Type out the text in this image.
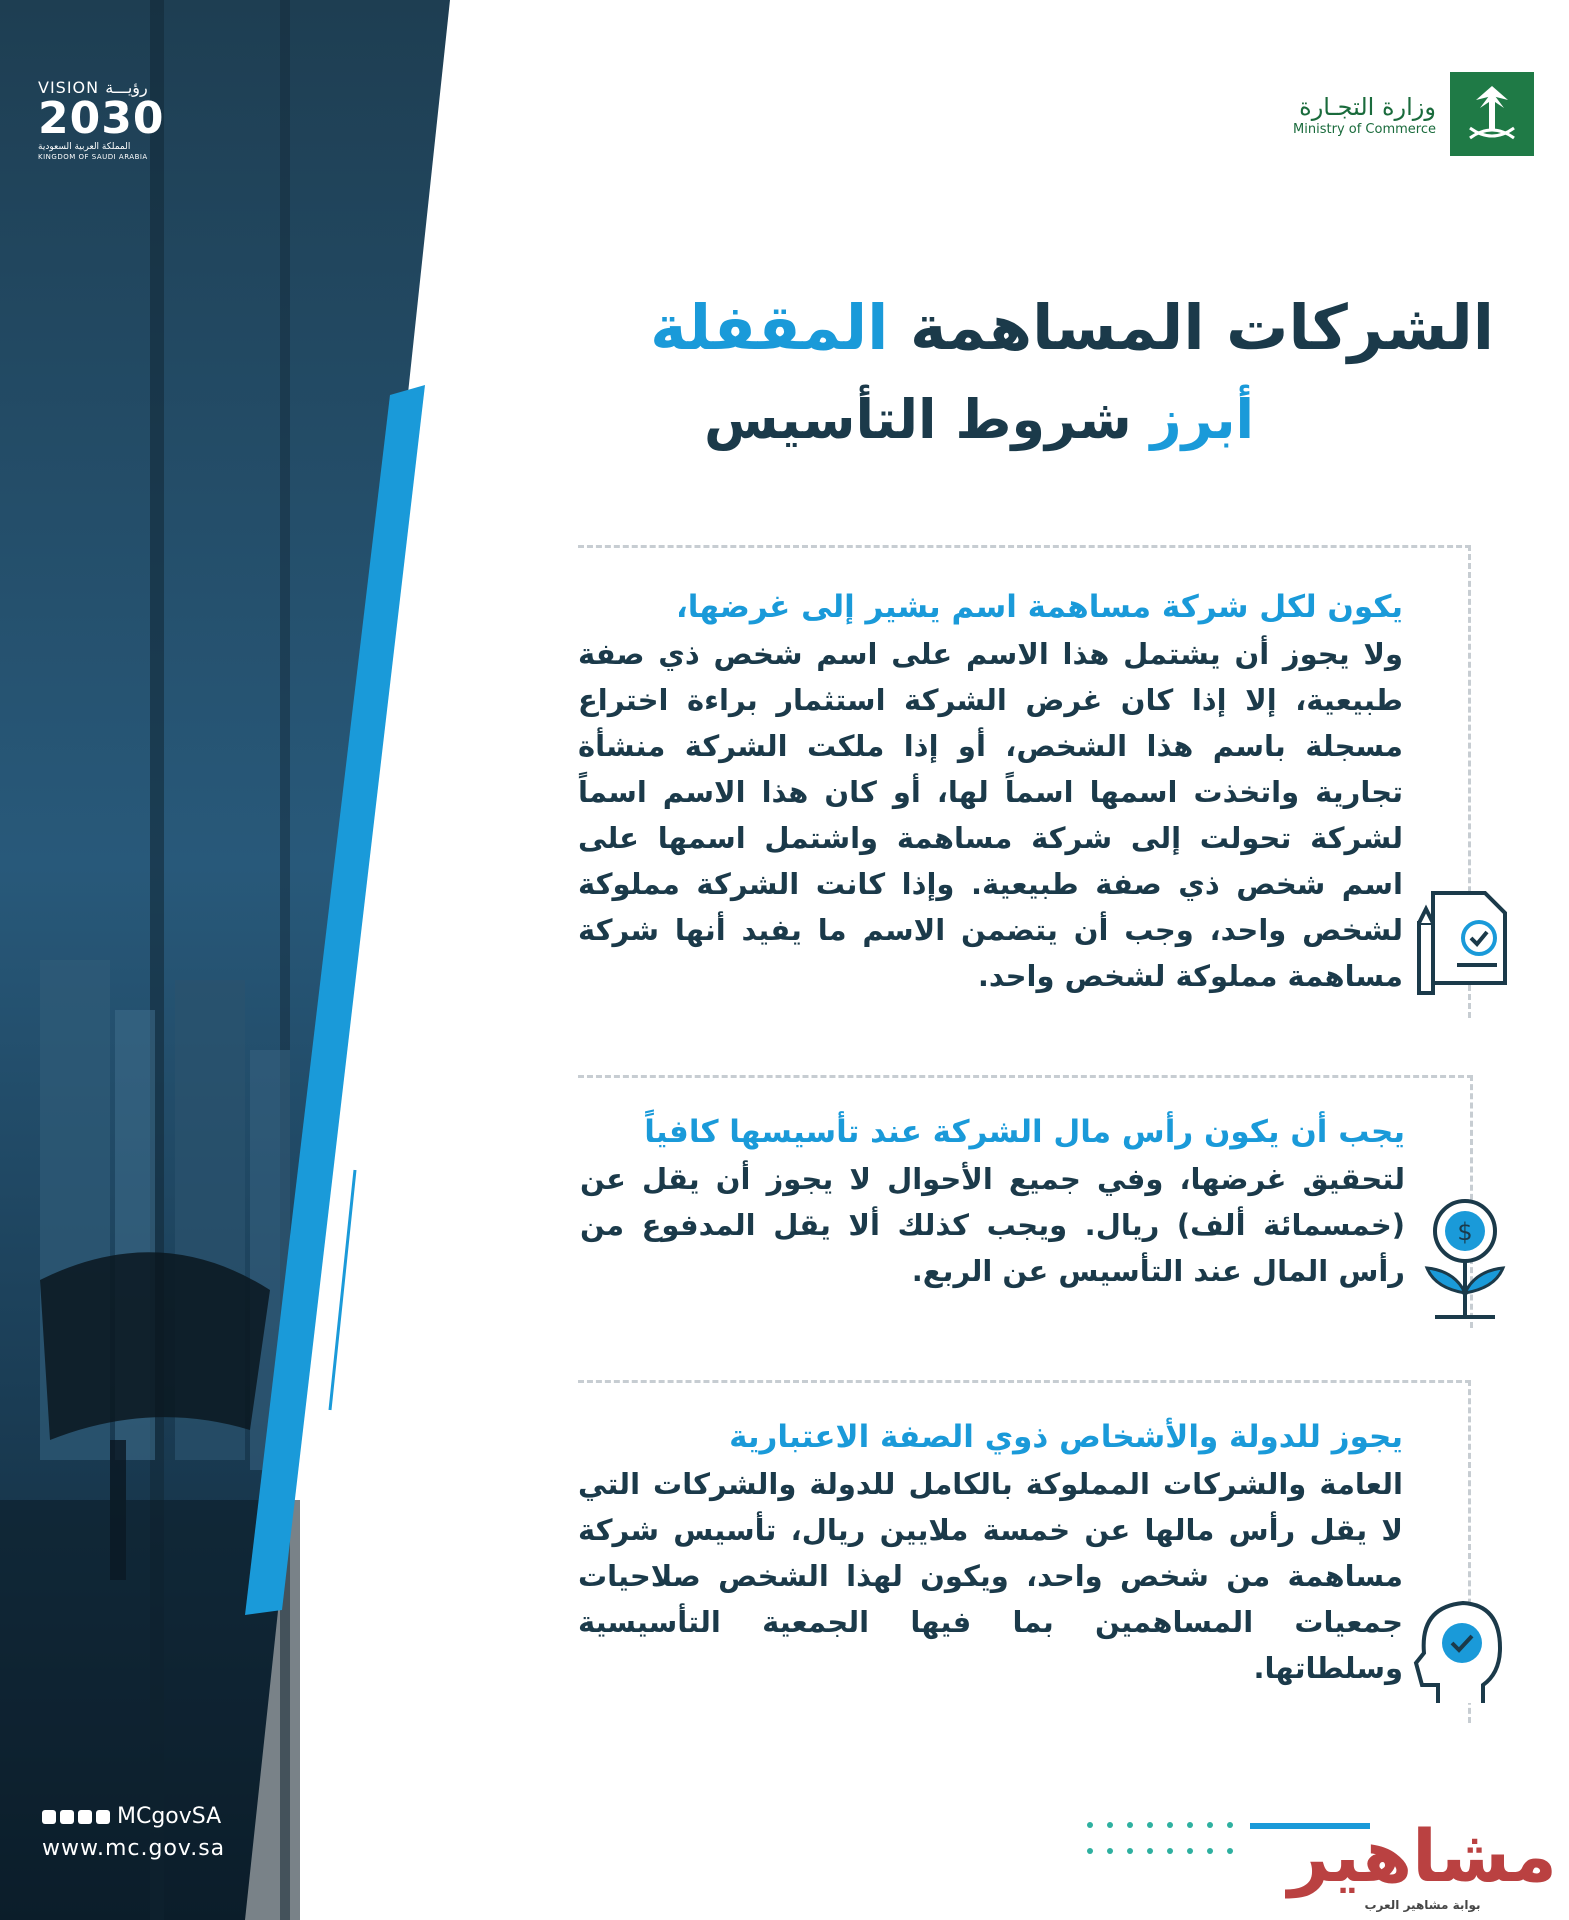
VISION رؤيـــة
2030
المملكة العربية السعودية
KINGDOM OF SAUDI ARABIA
MCgovSA
www.mc.gov.sa
وزارة التجـارة
Ministry of Commerce
الشركات المساهمة المقفلة
أبرز شروط التأسيس
يكون لكل شركة مساهمة اسم يشير إلى غرضها،
ولا يجوز أن يشتمل هذا الاسم على اسم شخص ذي صفة طبيعية، إلا إذا كان غرض الشركة استثمار براءة اختراع مسجلة باسم هذا الشخص، أو إذا ملكت الشركة منشأة تجارية واتخذت اسمها اسماً لها، أو كان هذا الاسم اسماً لشركة تحولت إلى شركة مساهمة واشتمل اسمها على اسم شخص ذي صفة طبيعية. وإذا كانت الشركة مملوكة لشخص واحد، وجب أن يتضمن الاسم ما يفيد أنها شركة مساهمة مملوكة لشخص واحد.
يجب أن يكون رأس مال الشركة عند تأسيسها كافياً
لتحقيق غرضها، وفي جميع الأحوال لا يجوز أن يقل عن (خمسمائة ألف) ريال. ويجب كذلك ألا يقل المدفوع من رأس المال عند التأسيس عن الربع.
$
يجوز للدولة والأشخاص ذوي الصفة الاعتبارية
العامة والشركات المملوكة بالكامل للدولة والشركات التي لا يقل رأس مالها عن خمسة ملايين ريال، تأسيس شركة مساهمة من شخص واحد، ويكون لهذا الشخص صلاحيات جمعيات المساهمين بما فيها الجمعية التأسيسية وسلطاتها.
مشاهير
بوابة مشاهير العرب
